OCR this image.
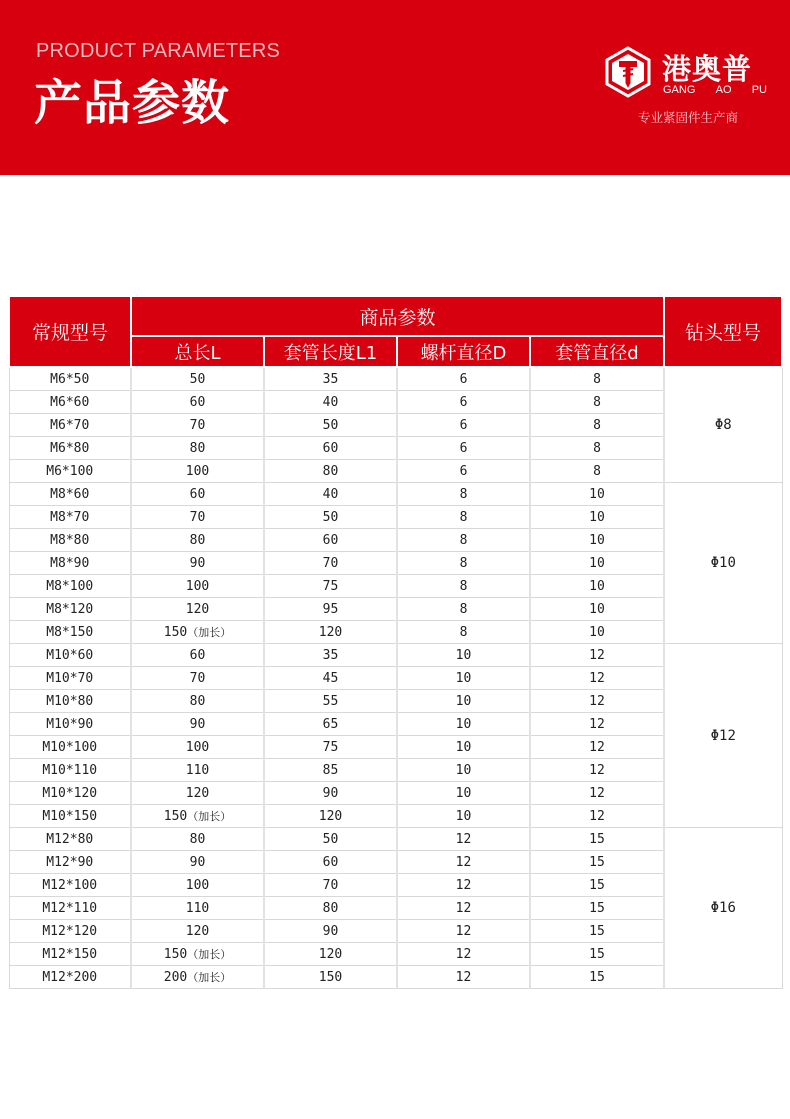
PRODUCT PARAMETERS
产品参数
港奥普
GANG AO PU
专业紧固件生产商
常规型号	商品参数				钻头型号
	总长L	套管长度L1	螺杆直径D	套管直径d	
M6*50	50	35	6	8	Φ8
M6*60	60	40	6	8	
M6*70	70	50	6	8	
M6*80	80	60	6	8	
M6*100	100	80	6	8	
M8*60	60	40	8	10	Φ10
M8*70	70	50	8	10	
M8*80	80	60	8	10	
M8*90	90	70	8	10	
M8*100	100	75	8	10	
M8*120	120	95	8	10	
M8*150	150（加长）	120	8	10	
M10*60	60	35	10	12	Φ12
M10*70	70	45	10	12	
M10*80	80	55	10	12	
M10*90	90	65	10	12	
M10*100	100	75	10	12	
M10*110	110	85	10	12	
M10*120	120	90	10	12	
M10*150	150（加长）	120	10	12	
M12*80	80	50	12	15	Φ16
M12*90	90	60	12	15	
M12*100	100	70	12	15	
M12*110	110	80	12	15	
M12*120	120	90	12	15	
M12*150	150（加长）	120	12	15	
M12*200	200（加长）	150	12	15	
